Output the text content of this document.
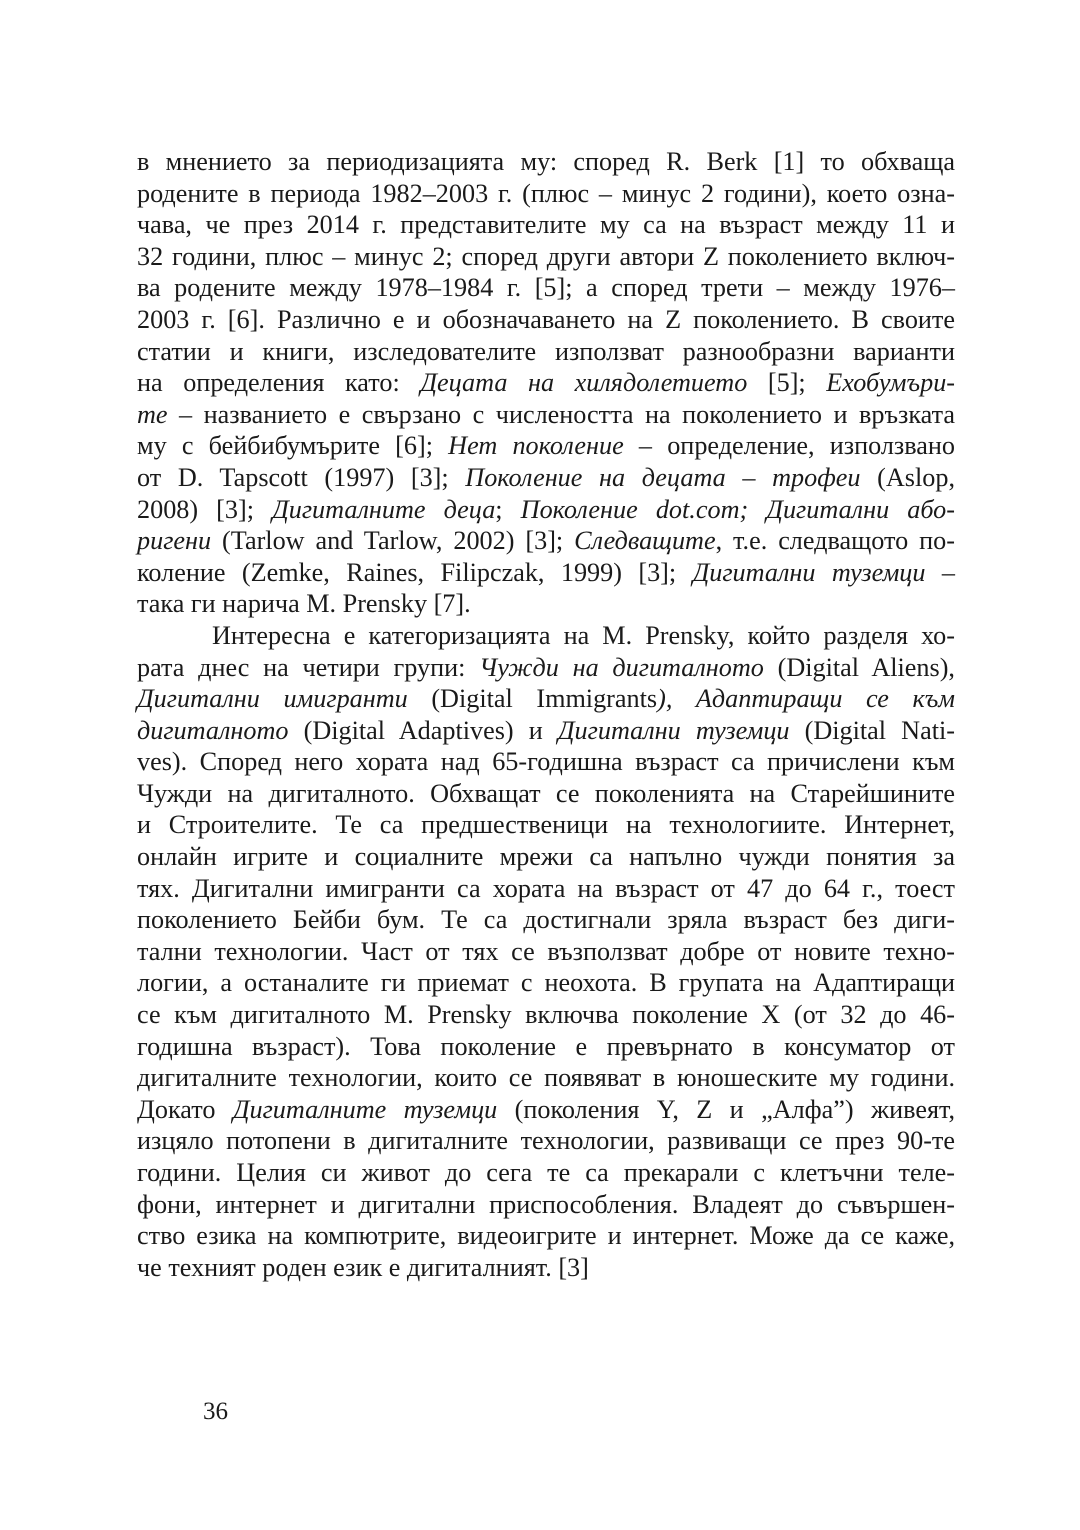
в мнението за периодизацията му: според R. Berk [1] то обхваща
родените в периода 1982–2003 г. (плюс – минус 2 години), което озна-
чава, че през 2014 г. представителите му са на възраст между 11 и
32 години, плюс – минус 2; според други автори Z поколението включ-
ва родените между 1978–1984 г. [5]; а според трети – между 1976–
2003 г. [6]. Различно е и обозначаването на Z поколението. В своите
статии и книги, изследователите използват разнообразни варианти
на определения като: Децата на хилядолетието [5]; Ехобумъри-
те – названието е свързано с числеността на поколението и връзката
му с бейбибумърите [6]; Нет поколение – определение, използвано
от D. Tapscott (1997) [3]; Поколение на децата – трофеи (Aslop,
2008) [3]; Дигиталните деца; Поколение dot.com; Дигитални або-
ригени (Tarlow and Tarlow, 2002) [3]; Следващите, т.е. следващото по-
коление (Zemke, Raines, Filipczak, 1999) [3]; Дигитални туземци –
така ги нарича M. Prensky [7].
Интересна е категоризацията на M. Prensky, който разделя хо-
рата днес на четири групи: Чужди на дигиталното (Digital Aliens),
Дигитални имигранти (Digital Immigrants), Адаптиращи се към
дигиталното (Digital Adaptives) и Дигитални туземци (Digital Nati-
ves). Според него хората над 65-годишна възраст са причислени към
Чужди на дигиталното. Обхващат се поколенията на Старейшините
и Строителите. Те са предшественици на технологиите. Интернет,
онлайн игрите и социалните мрежи са напълно чужди понятия за
тях. Дигитални имигранти са хората на възраст от 47 до 64 г., тоест
поколението Бейби бум. Те са достигнали зряла възраст без диги-
тални технологии. Част от тях се възползват добре от новите техно-
логии, а останалите ги приемат с неохота. В групата на Адаптиращи
се към дигиталното M. Prensky включва поколение X (от 32 до 46-
годишна възраст). Това поколение е превърнато в консуматор от
дигиталните технологии, които се появяват в юношеските му години.
Докато Дигиталните туземци (поколения Y, Z и „Алфа”) живеят,
изцяло потопени в дигиталните технологии, развиващи се през 90-те
години. Целия си живот до сега те са прекарали с клетъчни теле-
фони, интернет и дигитални приспособления. Владеят до съвършен-
ство езика на компютрите, видеоигрите и интернет. Може да се каже,
че техният роден език е дигиталният. [3]
36
